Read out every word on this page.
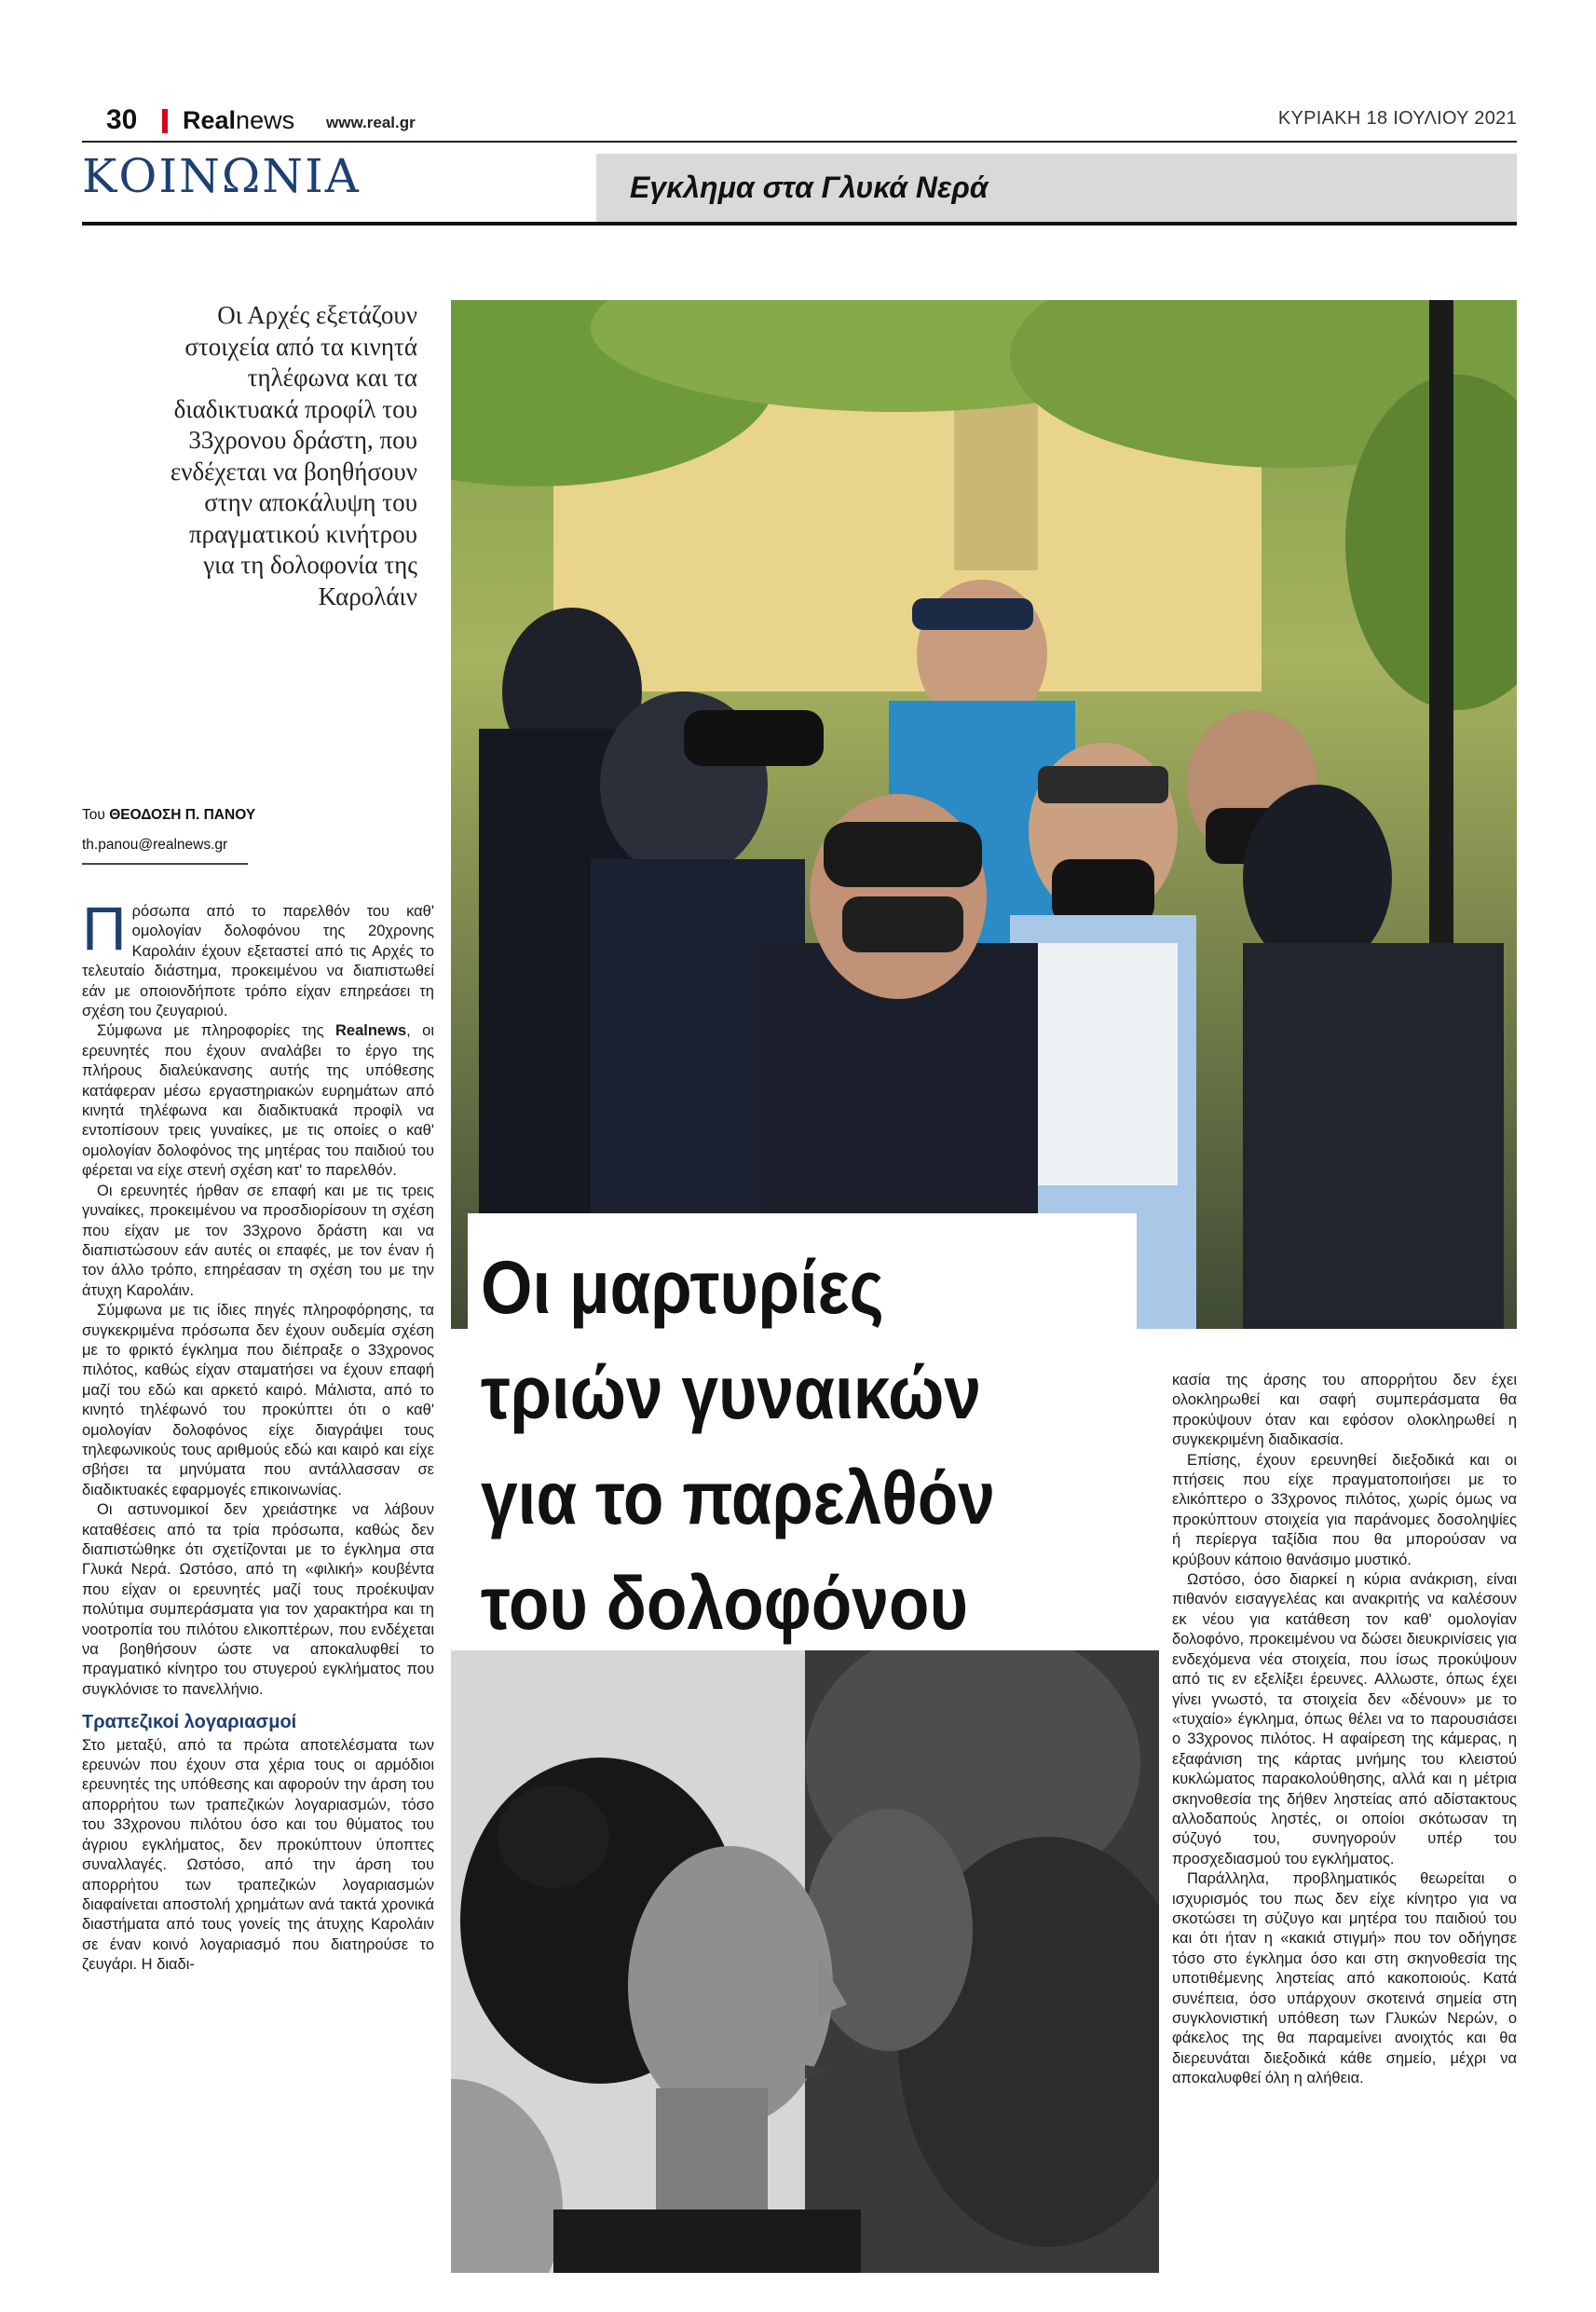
30 Realnews www.real.gr	ΚΥΡΙΑΚΗ 18 ΙΟΥΛΙΟΥ 2021
ΚΟΙΝΩΝΙΑ	Εγκλημα στα Γλυκά Νερά
Οι Αρχές εξετάζουν
στοιχεία από τα κινητά
τηλέφωνα και τα
διαδικτυακά προφίλ του
33χρονου δράστη, που
ενδέχεται να βοηθήσουν
στην αποκάλυψη του
πραγματικού κινήτρου
για τη δολοφονία της
Καρολάιν
Του ΘΕΟΔΟΣΗ Π. ΠΑΝΟΥ
th.panou@realnews.gr

Πρόσωπα από το παρελθόν του καθ' ομολογίαν δολοφόνου της 20χρονης Καρολάιν έχουν εξεταστεί από τις Αρχές το τελευταίο διάστημα, προκειμένου να διαπιστωθεί εάν με οποιονδήποτε τρόπο είχαν επηρεάσει τη σχέση του ζευγαριού.

Σύμφωνα με πληροφορίες της Realnews, οι ερευνητές που έχουν αναλάβει το έργο της πλήρους διαλεύκανσης αυτής της υπόθεσης κατάφεραν μέσω εργαστηριακών ευρημάτων από κινητά τηλέφωνα και διαδικτυακά προφίλ να εντοπίσουν τρεις γυναίκες, με τις οποίες ο καθ' ομολογίαν δολοφόνος της μητέρας του παιδιού του φέρεται να είχε στενή σχέση κατ' το παρελθόν.

Οι ερευνητές ήρθαν σε επαφή και με τις τρεις γυναίκες, προκειμένου να προσδιορίσουν τη σχέση που είχαν με τον 33χρονο δράστη και να διαπιστώσουν εάν αυτές οι επαφές, με τον έναν ή τον άλλο τρόπο, επηρέασαν τη σχέση του με την άτυχη Καρολάιν.

Σύμφωνα με τις ίδιες πηγές πληροφόρησης, τα συγκεκριμένα πρόσωπα δεν έχουν ουδεμία σχέση με το φρικτό έγκλημα που διέπραξε ο 33χρονος πιλότος, καθώς είχαν σταματήσει να έχουν επαφή μαζί του εδώ και αρκετό καιρό. Μάλιστα, από το κινητό τηλέφωνό του προκύπτει ότι ο καθ' ομολογίαν δολοφόνος είχε διαγράψει τους τηλεφωνικούς τους αριθμούς εδώ και καιρό και είχε σβήσει τα μηνύματα που αντάλλασσαν σε διαδικτυακές εφαρμογές επικοινωνίας.

Οι αστυνομικοί δεν χρειάστηκε να λάβουν καταθέσεις από τα τρία πρόσωπα, καθώς δεν διαπιστώθηκε ότι σχετίζονται με το έγκλημα στα Γλυκά Νερά. Ωστόσο, από τη «φιλική» κουβέντα που είχαν οι ερευνητές μαζί τους προέκυψαν πολύτιμα συμπεράσματα για τον χαρακτήρα και τη νοοτροπία του πιλότου ελικοπτέρων, που ενδέχεται να βοηθήσουν ώστε να αποκαλυφθεί το πραγματικό κίνητρο του στυγερού εγκλήματος που συγκλόνισε το πανελλήνιο.

Τραπεζικοί λογαριασμοί

Στο μεταξύ, από τα πρώτα αποτελέσματα των ερευνών που έχουν στα χέρια τους οι αρμόδιοι ερευνητές της υπόθεσης και αφορούν την άρση του απορρήτου των τραπεζικών λογαριασμών, τόσο του 33χρονου πιλότου όσο και του θύματος του άγριου εγκλήματος, δεν προκύπτουν ύποπτες συναλλαγές. Ωστόσο, από την άρση του απορρήτου των τραπεζικών λογαριασμών διαφαίνεται αποστολή χρημάτων ανά τακτά χρονικά διαστήματα από τους γονείς της άτυχης Καρολάιν σε έναν κοινό λογαριασμό που διατηρούσε το ζευγάρι. Η διαδι-

Οι μαρτυρίες
τριών γυναικών
για το παρελθόν
του δολοφόνου

κασία της άρσης του απορρήτου δεν έχει ολοκληρωθεί και σαφή συμπεράσματα θα προκύψουν όταν και εφόσον ολοκληρωθεί η συγκεκριμένη διαδικασία.

Επίσης, έχουν ερευνηθεί διεξοδικά και οι πτήσεις που είχε πραγματοποιήσει με το ελικόπτερο ο 33χρονος πιλότος, χωρίς όμως να προκύπτουν στοιχεία για παράνομες δοσοληψίες ή περίεργα ταξίδια που θα μπορούσαν να κρύβουν κάποιο θανάσιμο μυστικό.

Ωστόσο, όσο διαρκεί η κύρια ανάκριση, είναι πιθανόν εισαγγελέας και ανακριτής να καλέσουν εκ νέου για κατάθεση τον καθ' ομολογίαν δολοφόνο, προκειμένου να δώσει διευκρινίσεις για ενδεχόμενα νέα στοιχεία, που ίσως προκύψουν από τις εν εξελίξει έρευνες. Αλλωστε, όπως έχει γίνει γνωστό, τα στοιχεία δεν «δένουν» με το «τυχαίο» έγκλημα, όπως θέλει να το παρουσιάσει ο 33χρονος πιλότος. Η αφαίρεση της κάμερας, η εξαφάνιση της κάρτας μνήμης του κλειστού κυκλώματος παρακολούθησης, αλλά και η μέτρια σκηνοθεσία της δήθεν ληστείας από αδίστακτους αλλοδαπούς ληστές, οι οποίοι σκότωσαν τη σύζυγό του, συνηγορούν υπέρ του προσχεδιασμού του εγκλήματος.

Παράλληλα, προβληματικός θεωρείται ο ισχυρισμός του πως δεν είχε κίνητρο για να σκοτώσει τη σύζυγο και μητέρα του παιδιού του και ότι ήταν η «κακιά στιγμή» που τον οδήγησε τόσο στο έγκλημα όσο και στη σκηνοθεσία της υποτιθέμενης ληστείας από κακοποιούς. Κατά συνέπεια, όσο υπάρχουν σκοτεινά σημεία στη συγκλονιστική υπόθεση των Γλυκών Νερών, ο φάκελος της θα παραμείνει ανοιχτός και θα διερευνάται διεξοδικά κάθε σημείο, μέχρι να αποκαλυφθεί όλη η αλήθεια.
